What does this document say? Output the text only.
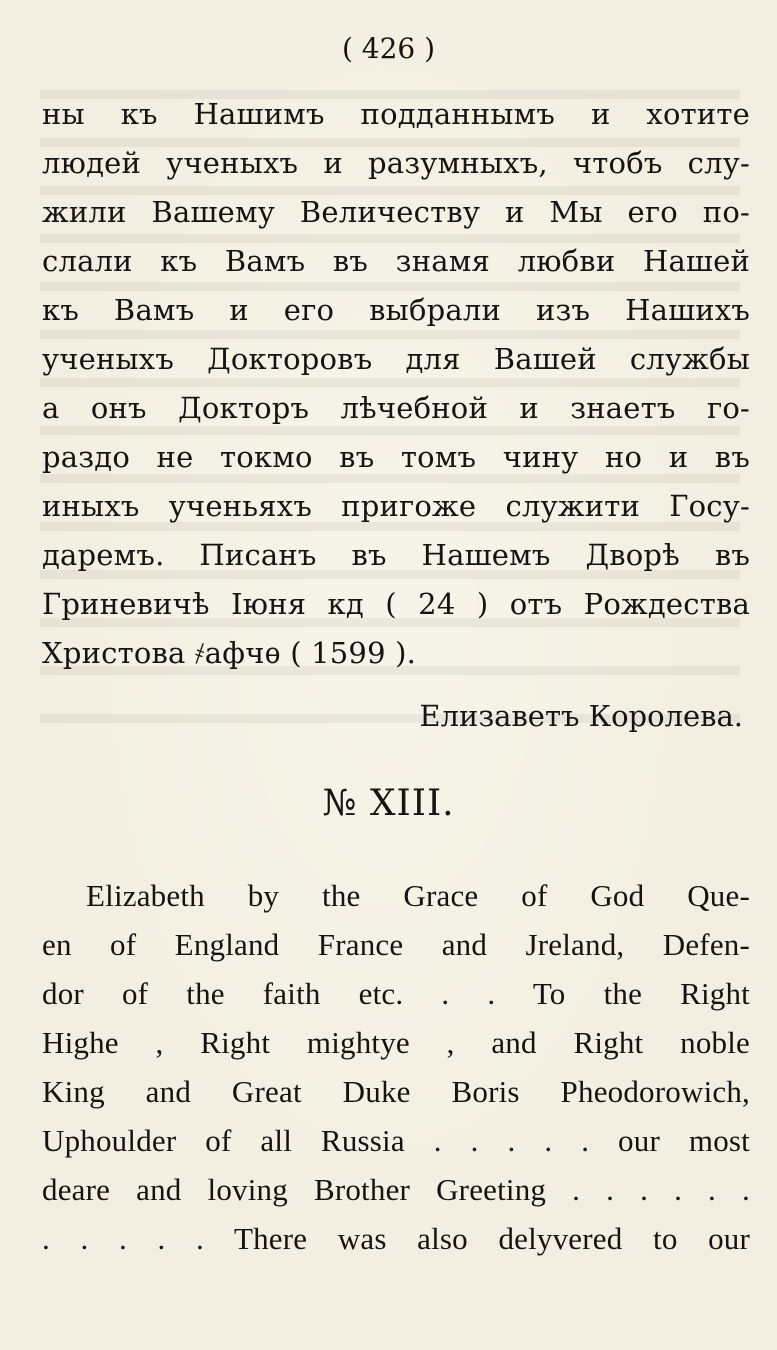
( 426 )
ны къ Нашимъ подданнымъ и хотите
людей ученыхъ и разумныхъ, чтобъ слу-
жили Вашему Величеству и Мы его по-
слали къ Вамъ въ знамя любви Нашей
къ Вамъ и его выбрали изъ Нашихъ
ученыхъ Докторовъ для Вашей службы
а онъ Докторъ лѣчебной и знаетъ го-
раздо не токмо въ томъ чину но и въ
иныхъ ученьяхъ пригоже служити Госу-
даремъ. Писанъ въ Нашемъ Дворѣ въ
Гриневичѣ Іюня кд ( 24 ) отъ Рождества
Христова ҂афчѳ ( 1599 ).
Елизаветъ Королева.
№ XIII.
Elizabeth by the Grace of God Que-
en of England France and Jreland, Defen-
dor of the faith etc. . . To the Right
Highe , Right mightye , and Right noble
King and Great Duke Boris Pheodorowich,
Uphoulder of all Russia . . . . . our most
deare and loving Brother Greeting . . . . . .
. . . . . There was also delyvered to our
